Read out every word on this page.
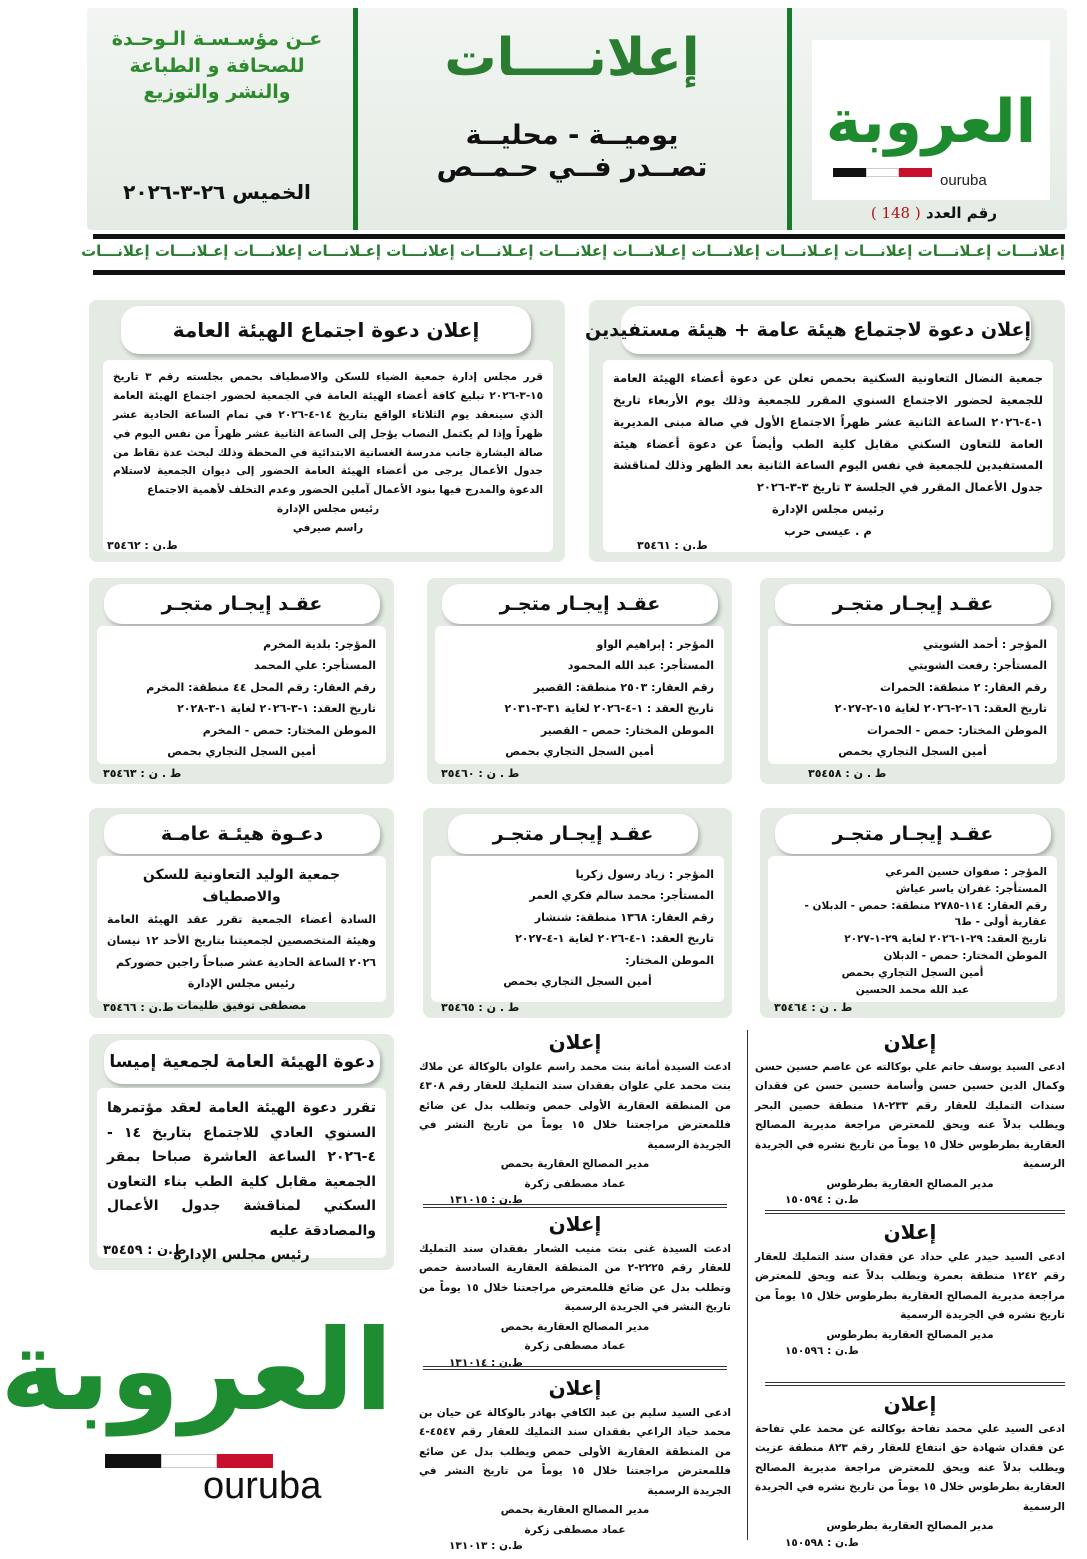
العروبة
ouruba
رقم العدد ( 148 )
إعلانــــات
يوميــة - محليــة
تصــدر فــي حـمــص
عـن مؤسـسـة الـوحـدة
للصحافة و الطباعة
والنشر والتوزيع
الخميس ٢٦-٣-٢٠٢٦
إعلانـــات إعـلانـــات إعلانـــات إعـلانـــات إعلانـــات إعـلانـــات إعلانـــات إعـلانـــات إعلانـــات إعـلانـــات إعلانـــات إعـلانـــات إعلانـــات
إعلان دعوة لاجتماع هيئة عامة + هيئة مستفيدين

جمعية النضال التعاونية السكنية بحمص تعلن عن دعوة أعضاء الهيئة العامة للجمعية لحضور الاجتماع السنوي المقرر للجمعية وذلك يوم الأربعاء تاريخ ١-٤-٢٠٢٦ الساعة الثانية عشر ظهراً الاجتماع الأول في صالة مبنى المديرية العامة للتعاون السكني مقابل كلية الطب وأيضاً عن دعوة أعضاء هيئة المستفيدين للجمعية في نفس اليوم الساعة الثانية بعد الظهر وذلك لمناقشة جدول الأعمال المقرر في الجلسة ٣ تاريخ ٣-٣-٢٠٢٦

رئيس مجلس الإدارة
م . عيسى حرب
ط.ن : ٣٥٤٦١
إعلان دعوة اجتماع الهيئة العامة

قرر مجلس إدارة جمعية الضياء للسكن والاصطياف بحمص بجلسته رقم ٣ تاريخ ١٥-٣-٢٠٢٦ تبليغ كافة أعضاء الهيئة العامة في الجمعية لحضور اجتماع الهيئة العامة الذي سينعقد يوم الثلاثاء الواقع بتاريخ ١٤-٤-٢٠٢٦ في تمام الساعة الحادية عشر ظهراً وإذا لم يكتمل النصاب يؤجل إلى الساعة الثانية عشر ظهراً من نفس اليوم في صالة البشارة جانب مدرسة الغسانية الابتدائية في المحطة وذلك لبحث عدة نقاط من جدول الأعمال يرجى من أعضاء الهيئة العامة الحضور إلى ديوان الجمعية لاستلام الدعوة والمدرج فيها بنود الأعمال آملين الحضور وعدم التخلف لأهمية الاجتماع

رئيس مجلس الإدارة
راسم صيرفي
ط.ن : ٣٥٤٦٢
عقـد إيجـار متجـر
المؤجر : أحمد الشويتي
المستأجر: رفعت الشويتي
رقم العقار: ٢ منطقة: الحمرات
تاريخ العقد: ١٦-٢-٢٠٢٦ لغاية ١٥-٢-٢٠٢٧
الموطن المختار: حمص - الحمرات
أمين السجل التجاري بحمص
ط . ن : ٣٥٤٥٨
عقـد إيجـار متجـر
المؤجر : إبراهيم الواو
المستأجر: عبد الله المحمود
رقم العقار: ٢٥٠٣ منطقة: القصير
تاريخ العقد : ١-٤-٢٠٢٦ لغاية ٣١-٣-٢٠٣١
الموطن المختار: حمص - القصير
أمين السجل التجاري بحمص
ط . ن : ٣٥٤٦٠
عقـد إيجـار متجـر
المؤجر: بلدية المخرم
المستأجر: علي المحمد
رقم العقار: رقم المحل ٤٤ منطقة: المخرم
تاريخ العقد: ١-٣-٢٠٢٦ لغاية ١-٣-٢٠٢٨
الموطن المختار: حمص - المخرم
أمين السجل التجاري بحمص
ط . ن : ٣٥٤٦٣
عقـد إيجـار متجـر
المؤجر : صفوان حسين المرعي
المستأجر: غفران ياسر عياش
رقم العقار: ١١٤-٢٧٨٥ منطقة: حمص - الدبلان - عقارية أولى - ط٦
تاريخ العقد: ٢٩-١-٢٠٢٦ لغاية ٢٩-١-٢٠٢٧
الموطن المختار: حمص - الدبلان
أمين السجل التجاري بحمص
عبد الله محمد الحسين
ط . ن : ٣٥٤٦٤
عقـد إيجـار متجـر
المؤجر : زياد رسول زكريا
المستأجر: محمد سالم فكري العمر
رقم العقار: ١٣٦٨ منطقة: شنشار
تاريخ العقد: ١-٤-٢٠٢٦ لغاية ١-٤-٢٠٢٧
الموطن المختار:
أمين السجل التجاري بحمص
ط . ن : ٣٥٤٦٥
دعـوة هيئـة عامـة
جمعية الوليد التعاونية للسكن والاصطياف

السادة أعضاء الجمعية تقرر عقد الهيئة العامة وهيئة المتخصصين لجمعيتنا بتاريخ الأحد ١٢ نيسان ٢٠٢٦ الساعة الحادية عشر صباحاً راجين حضوركم

رئيس مجلس الإدارة
مصطفى توفيق طليمات
ط.ن : ٣٥٤٦٦
دعوة الهيئة العامة لجمعية إميسا

تقرر دعوة الهيئة العامة لعقد مؤتمرها السنوي العادي للاجتماع بتاريخ ١٤ - ٤-٢٠٢٦ الساعة العاشرة صباحا بمقر الجمعية مقابل كلية الطب بناء التعاون السكني لمناقشة جدول الأعمال والمصادقة عليه

رئيس مجلس الإدارة
ط.ن : ٣٥٤٥٩
إعلان

ادعى السيد يوسف حاتم علي بوكالته عن عاصم حسين حسن وكمال الدين حسين حسن وأسامة حسين حسن عن فقدان سندات التمليك للعقار رقم ٢٣٣-١٨ منطقة حصين البحر ويطلب بدلاً عنه ويحق للمعترض مراجعة مديرية المصالح العقارية بطرطوس خلال ١٥ يوماً من تاريخ نشره في الجريدة الرسمية

مدير المصالح العقارية بطرطوس
ط.ن : ١٥٠٥٩٤
إعلان

ادعى السيد حيدر علي حداد عن فقدان سند التمليك للعقار رقم ١٢٤٢ منطقة بعمرة ويطلب بدلاً عنه ويحق للمعترض مراجعة مديرية المصالح العقارية بطرطوس خلال ١٥ يوماً من تاريخ نشره في الجريدة الرسمية

مدير المصالح العقارية بطرطوس
ط.ن : ١٥٠٥٩٦
إعلان

ادعى السيد علي محمد تفاحة بوكالته عن محمد علي تفاحة عن فقدان شهادة حق انتفاع للعقار رقم ٨٢٣ منطقة عزيت ويطلب بدلاً عنه ويحق للمعترض مراجعة مديرية المصالح العقارية بطرطوس خلال ١٥ يوماً من تاريخ نشره في الجريدة الرسمية

مدير المصالح العقارية بطرطوس
ط.ن : ١٥٠٥٩٨
إعلان

ادعت السيدة أمانة بنت محمد راسم علوان بالوكالة عن ملاك بنت محمد علي علوان بفقدان سند التمليك للعقار رقم ٤٣٠٨ من المنطقة العقارية الأولى حمص وتطلب بدل عن ضائع فللمعترض مراجعتنا خلال ١٥ يوماً من تاريخ النشر في الجريدة الرسمية

مدير المصالح العقارية بحمص
عماد مصطفى زكرة
ط.ن : ١٣١٠١٥
إعلان

ادعت السيدة غنى بنت منيب الشعار بفقدان سند التمليك للعقار رقم ٢٢٢٥-٢ من المنطقة العقارية السادسة حمص وتطلب بدل عن ضائع فللمعترض مراجعتنا خلال ١٥ يوماً من تاريخ النشر في الجريدة الرسمية

مدير المصالح العقارية بحمص
عماد مصطفى زكرة
ط.ن : ١٣١٠١٤
إعلان

ادعى السيد سليم بن عبد الكافي بهادر بالوكالة عن حيان بن محمد حياد الراعي بفقدان سند التمليك للعقار رقم ٤٥٤٧-٤ من المنطقة العقارية الأولى حمص ويطلب بدل عن ضائع فللمعترض مراجعتنا خلال ١٥ يوماً من تاريخ النشر في الجريدة الرسمية

مدير المصالح العقارية بحمص
عماد مصطفى زكرة
ط.ن : ١٣١٠١٣
العروبة
ouruba
